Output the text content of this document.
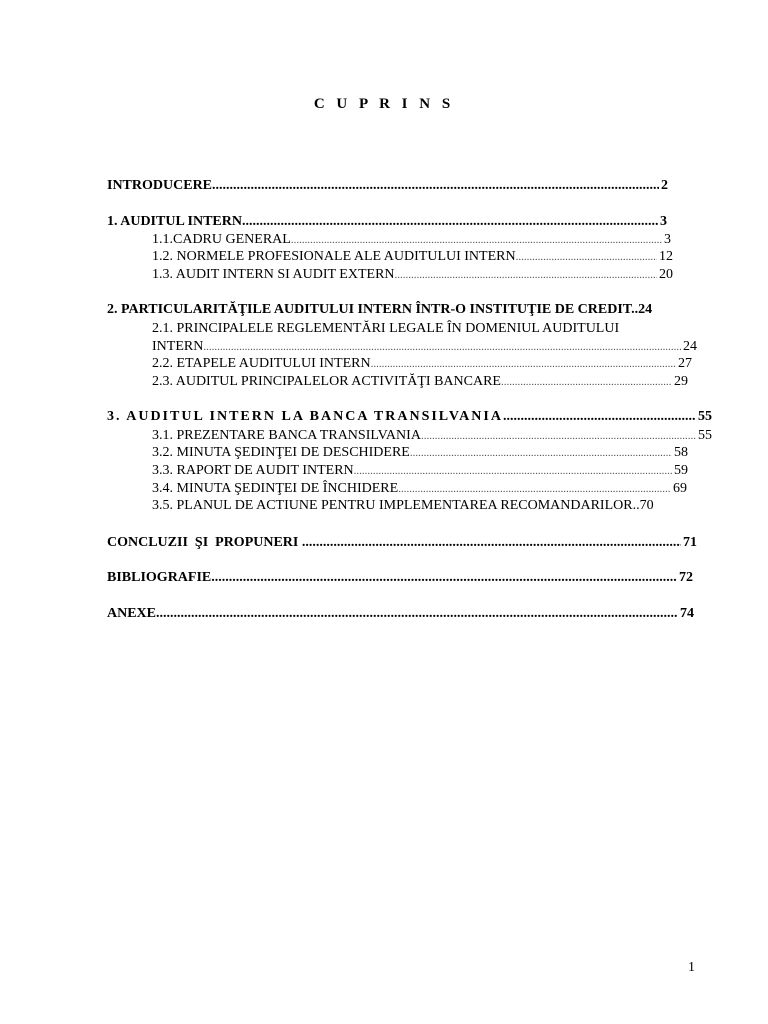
C U P R I N S
INTRODUCERE .....	2
1. AUDITUL INTERN .....	3
1.1.CADRU GENERAL .....	3
1.2. NORMELE PROFESIONALE ALE AUDITULUI INTERN .....	12
1.3. AUDIT INTERN SI AUDIT EXTERN .....	20
2. PARTICULARITĂŢILE AUDITULUI INTERN ÎNTR-O INSTITUŢIE DE CREDIT.. 24
2.1. PRINCIPALELE REGLEMENTĂRI LEGALE ÎN DOMENIUL AUDITULUI
INTERN .....	24
2.2. ETAPELE AUDITULUI INTERN .....	27
2.3. AUDITUL PRINCIPALELOR ACTIVITĂŢI BANCARE .....	29
3. AUDITUL INTERN LA BANCA TRANSILVANIA .....	55
3.1. PREZENTARE BANCA TRANSILVANIA .....	55
3.2. MINUTA ŞEDINŢEI DE DESCHIDERE .....	58
3.3. RAPORT DE AUDIT INTERN .....	59
3.4. MINUTA ŞEDINŢEI DE ÎNCHIDERE .....	69
3.5. PLANUL DE ACTIUNE PENTRU IMPLEMENTAREA RECOMANDARILOR.. 70
CONCLUZII  ŞI  PROPUNERI .....	71
BIBLIOGRAFIE .....	72
ANEXE .....	74
1
